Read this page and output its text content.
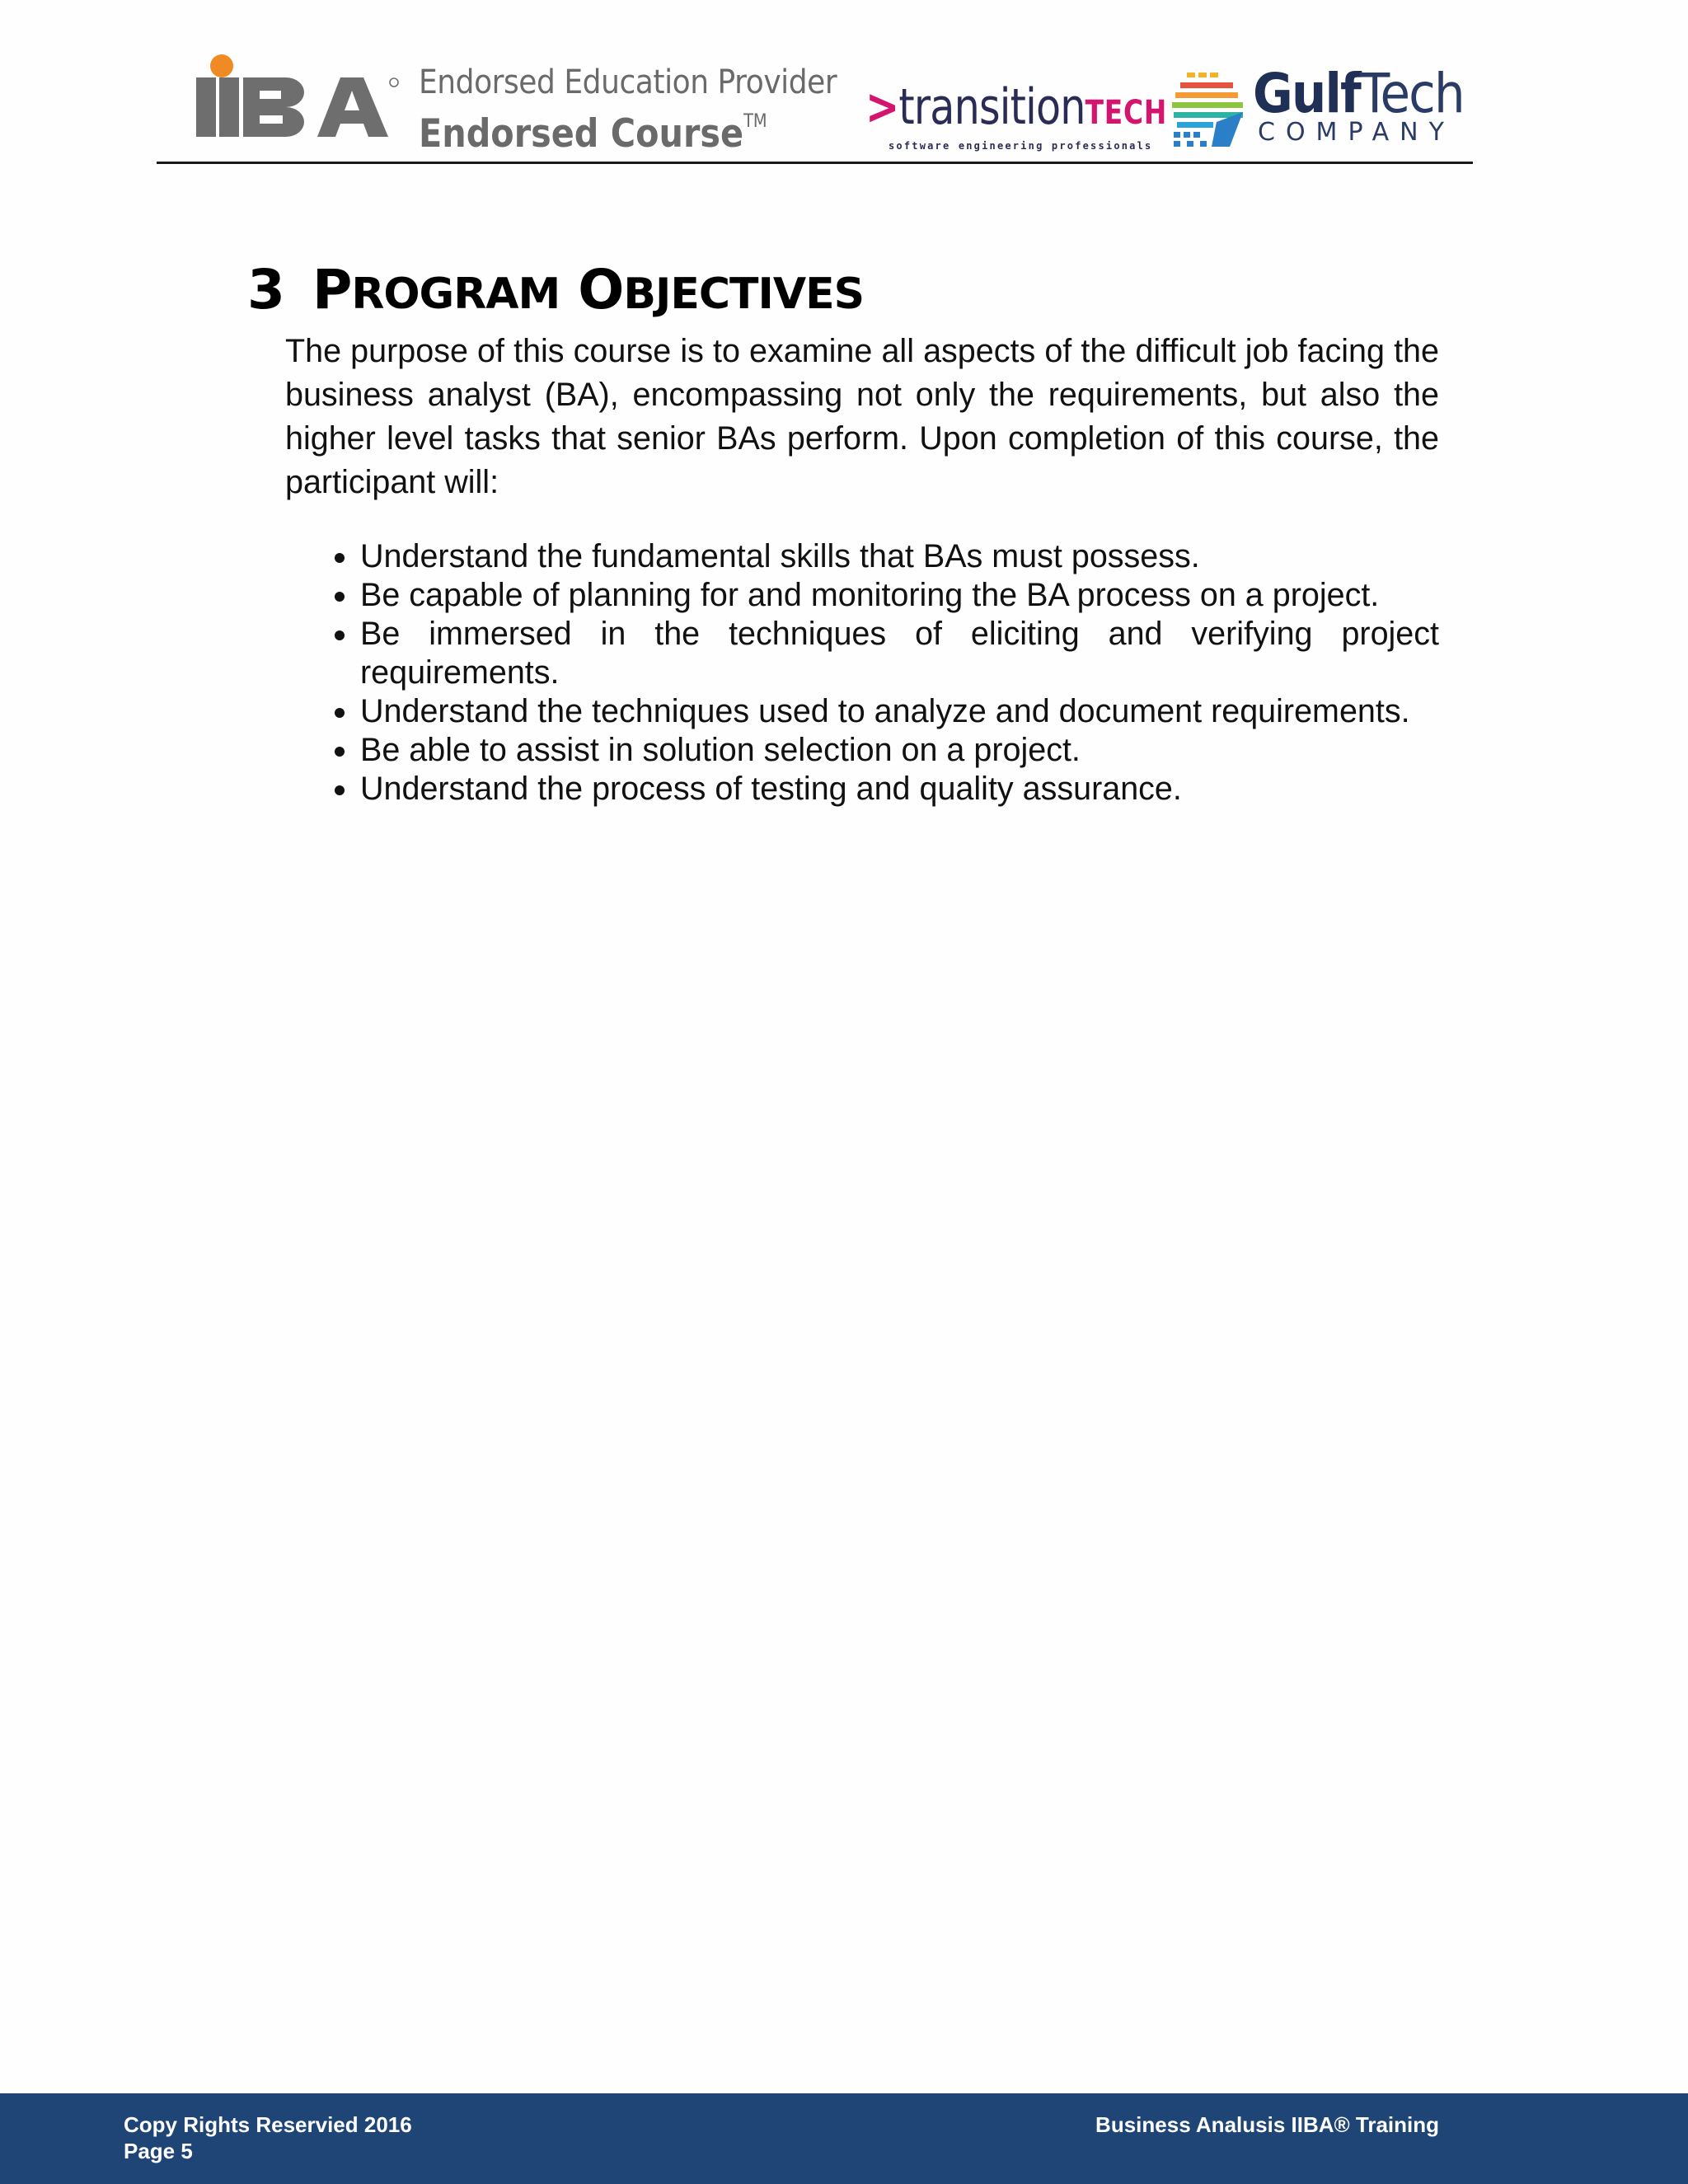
Endorsed Education Provider
Endorsed Course™	>transitionTECH
software engineering professionals
GulfTech
COMPANY
3 PROGRAM OBJECTIVES

The purpose of this course is to examine all aspects of the difficult job facing the business analyst (BA), encompassing not only the requirements, but also the higher level tasks that senior BAs perform. Upon completion of this course, the participant will:

Understand the fundamental skills that BAs must possess.
Be capable of planning for and monitoring the BA process on a project.
Be immersed in the techniques of eliciting and verifying project requirements.
Understand the techniques used to analyze and document requirements.
Be able to assist in solution selection on a project.
Understand the process of testing and quality assurance.
Copy Rights Reservied 2016
Page 5
Business Analusis IIBA® Training
